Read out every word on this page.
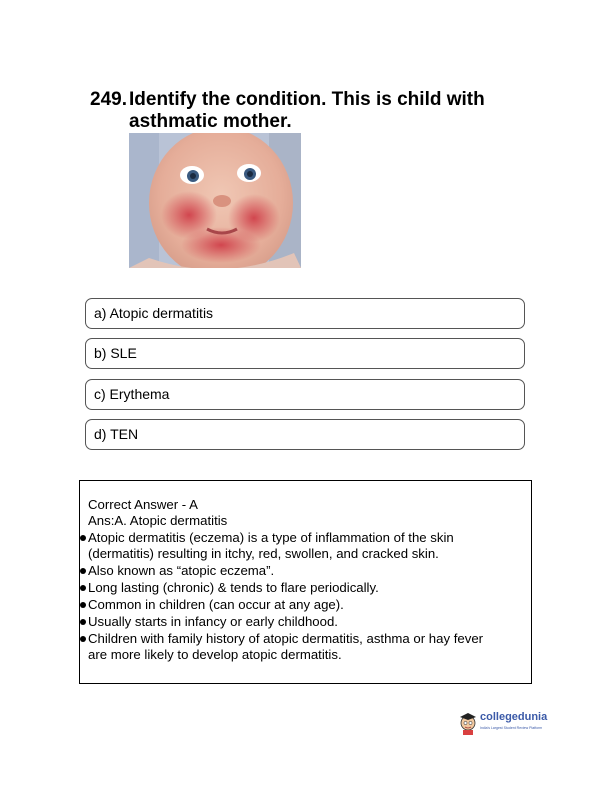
249. Identify the condition. This is child with asthmatic mother.
a) Atopic dermatitis
b) SLE
c) Erythema
d) TEN
Correct Answer - A
Ans:A. Atopic dermatitis
Atopic dermatitis (eczema) is a type of inflammation of the skin
(dermatitis) resulting in itchy, red, swollen, and cracked skin.
Also known as “atopic eczema”.
Long lasting (chronic) & tends to flare periodically.
Common in children (can occur at any age).
Usually starts in infancy or early childhood.
Children with family history of atopic dermatitis, asthma or hay fever
are more likely to develop atopic dermatitis.
collegedunia
India's Largest Student Review Platform
